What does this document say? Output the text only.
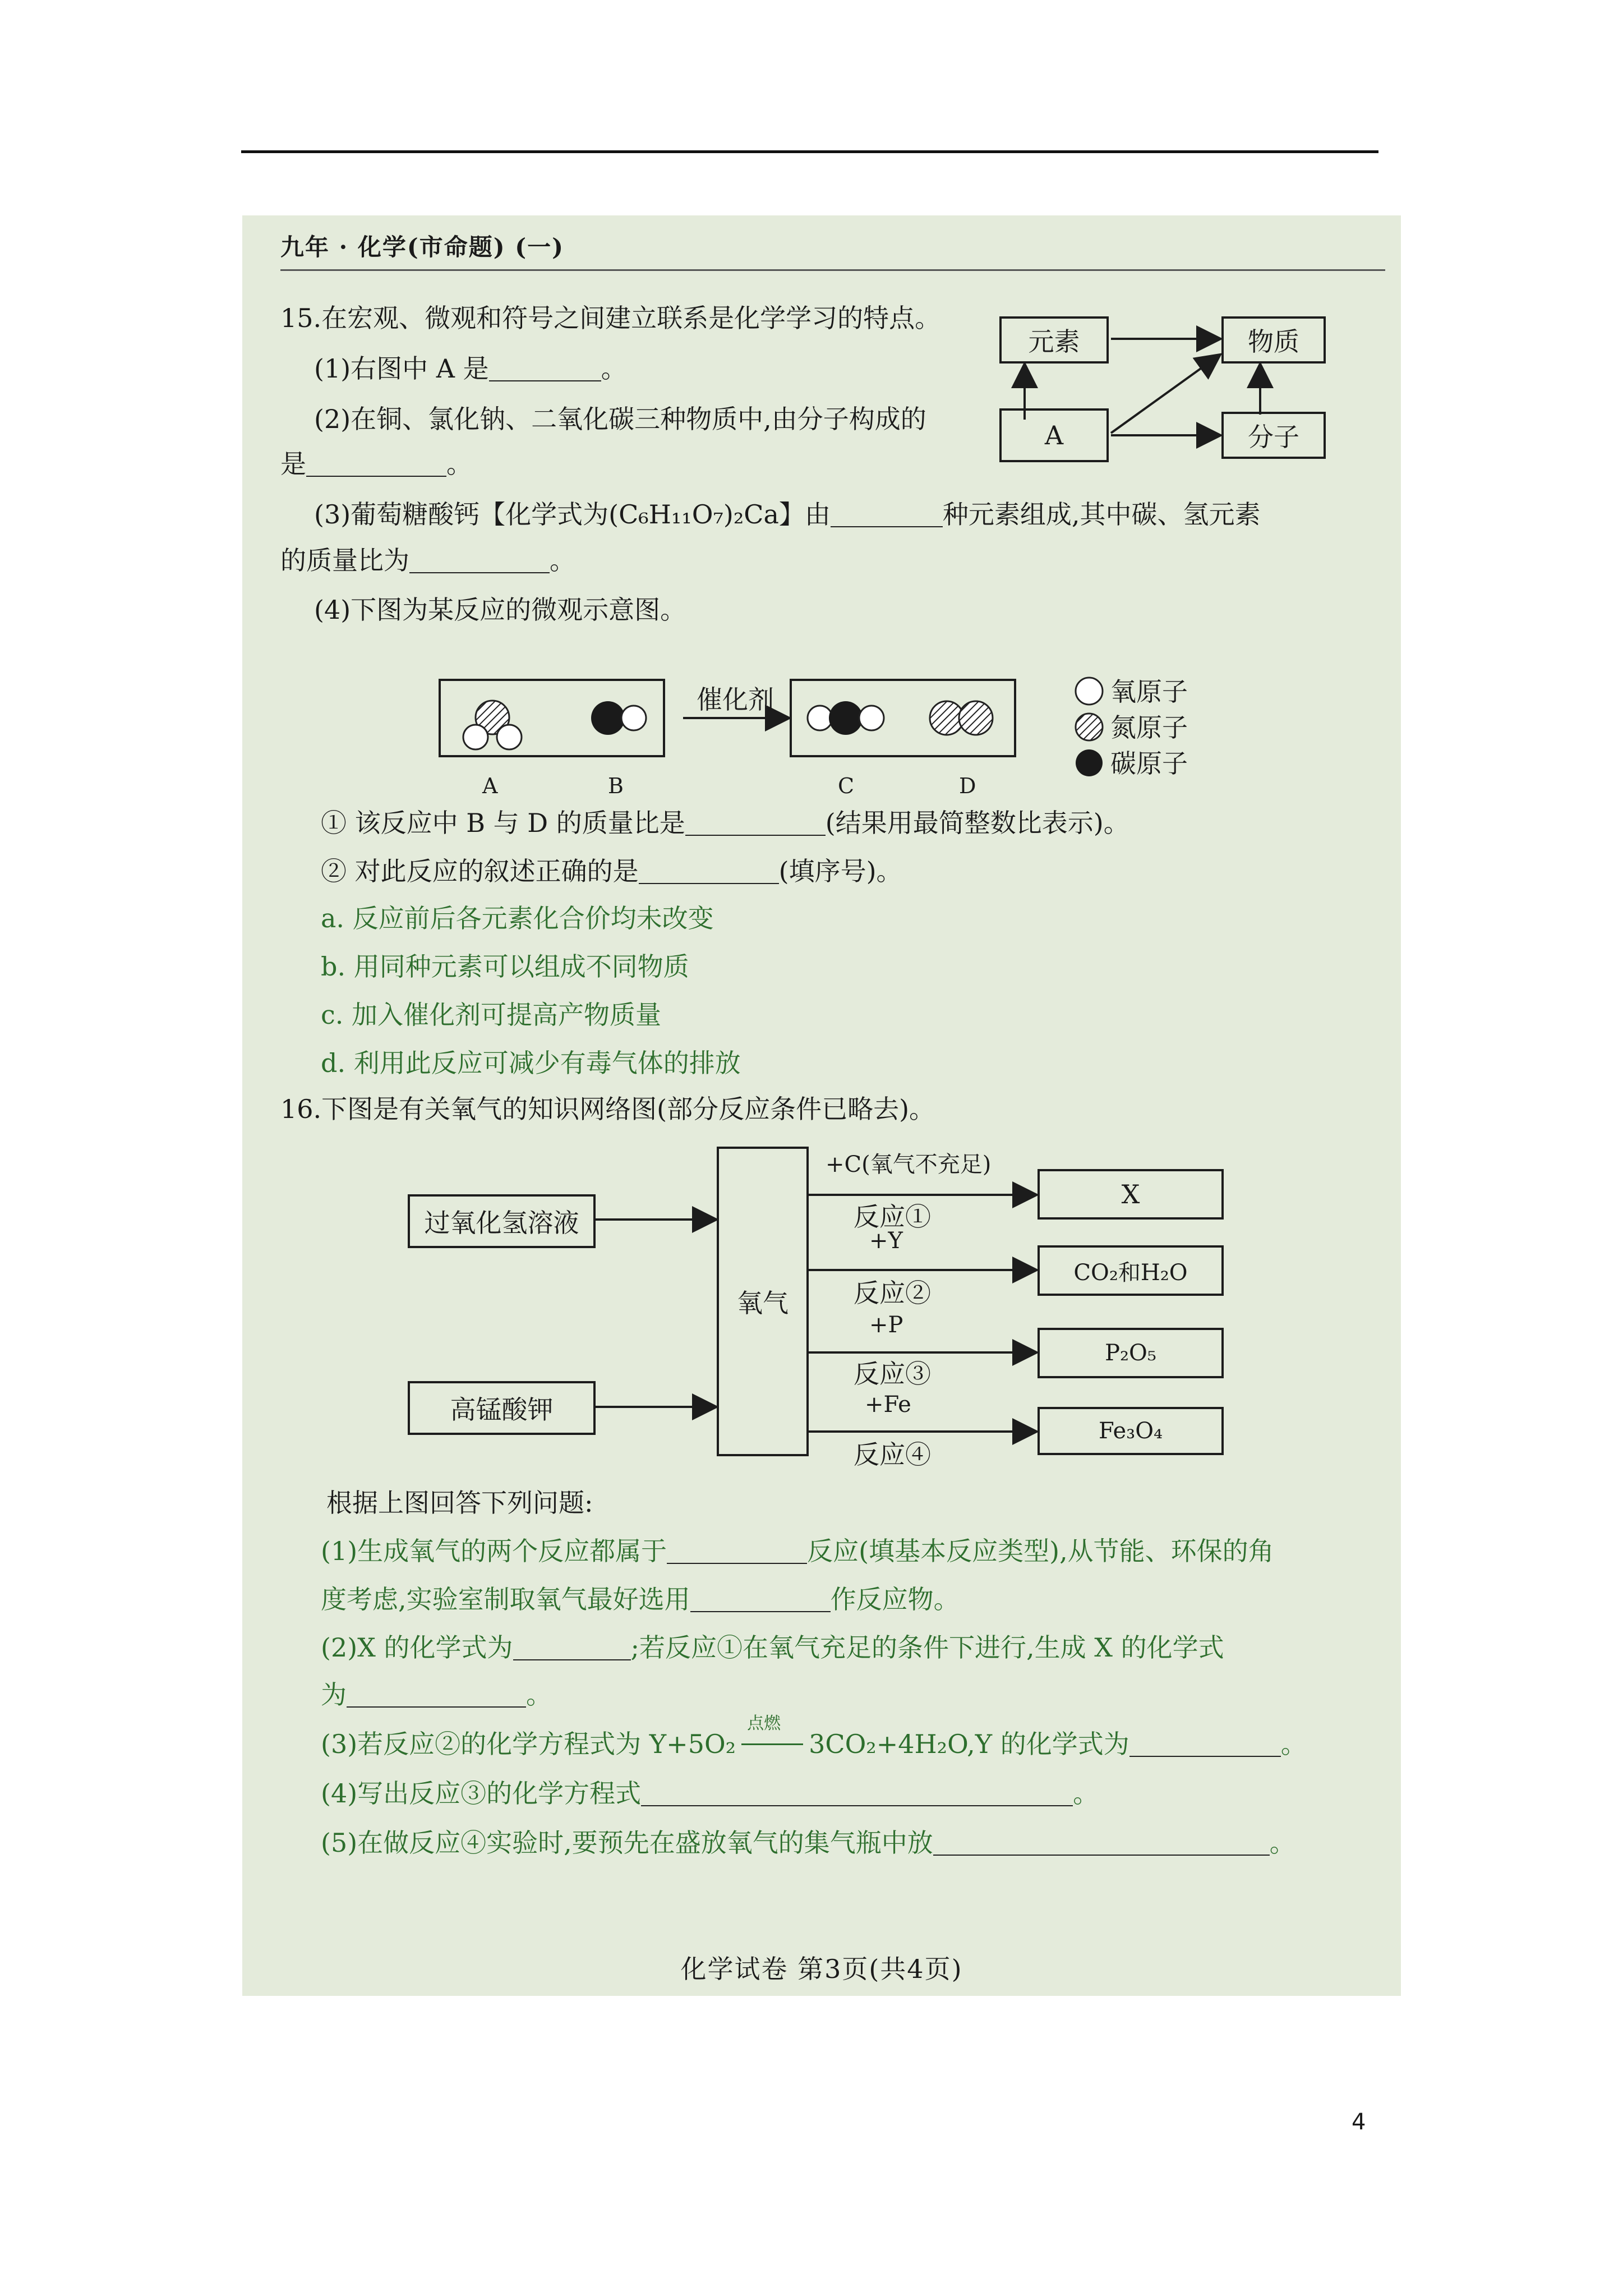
九年 · 化学(市命题) (一)
15.在宏观、微观和符号之间建立联系是化学学习的特点。
(1)右图中 A 是	。
(2)在铜、氯化钠、二氧化碳三种物质中,由分子构成的
是	。
(3)葡萄糖酸钙【化学式为(C₆H₁₁O₇)₂Ca】由	种元素组成,其中碳、氢元素
的质量比为	。
(4)下图为某反应的微观示意图。
元素	物质
A	分子
催化剂
A	B	C	D
氧原子
氮原子
碳原子
① 该反应中 B 与 D 的质量比是	(结果用最简整数比表示)。
② 对此反应的叙述正确的是	(填序号)。
a. 反应前后各元素化合价均未改变
b. 用同种元素可以组成不同物质
c. 加入催化剂可提高产物质量
d. 利用此反应可减少有毒气体的排放
16.下图是有关氧气的知识网络图(部分反应条件已略去)。
过氧化氢溶液
高锰酸钾
氧气
+C(氧气不充足)
反应①
+Y
反应②
+P
反应③
+Fe
反应④
X
CO₂和H₂O
P₂O₅
Fe₃O₄
根据上图回答下列问题:
(1)生成氧气的两个反应都属于	反应(填基本反应类型),从节能、环保的角
度考虑,实验室制取氧气最好选用	作反应物。
(2)X 的化学式为	;若反应①在氧气充足的条件下进行,生成 X 的化学式
为	。
(3)若反应②的化学方程式为 Y+5O₂
点燃
3CO₂+4H₂O,Y 的化学式为	。
(4)写出反应③的化学方程式	。
(5)在做反应④实验时,要预先在盛放氧气的集气瓶中放	。
化学试卷 第3页(共4页)
4
